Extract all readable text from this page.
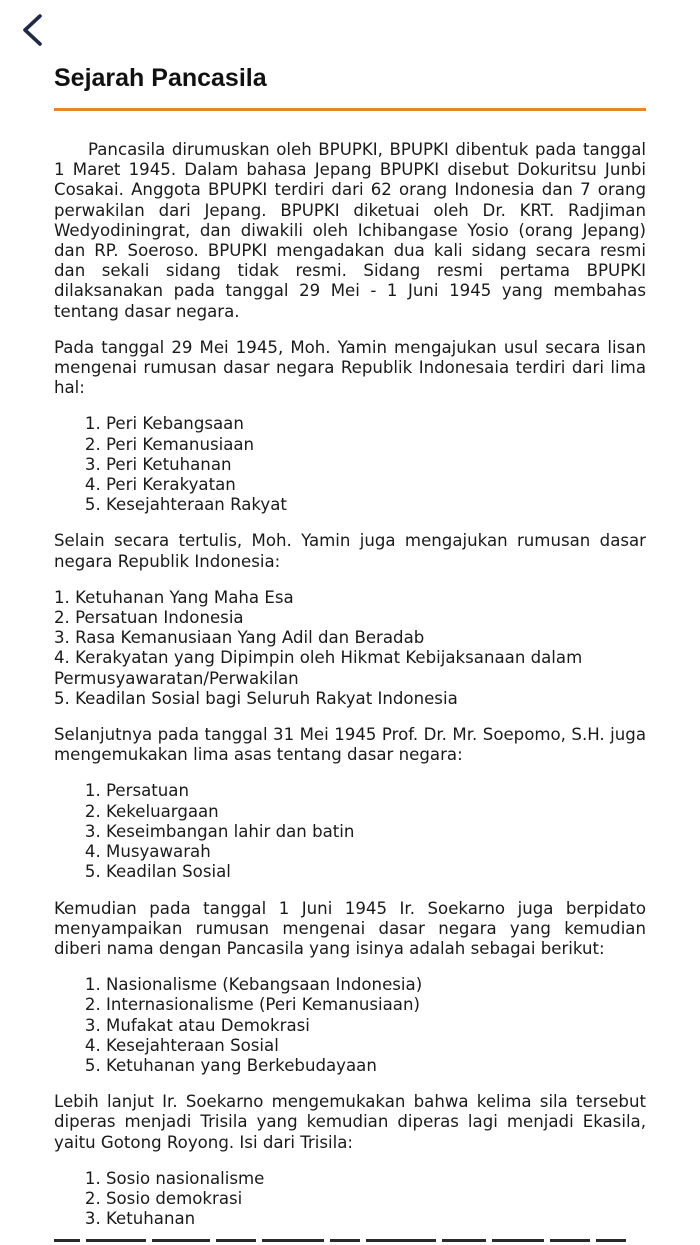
Sejarah Pancasila

Pancasila dirumuskan oleh BPUPKI, BPUPKI dibentuk pada tanggal 1 Maret 1945. Dalam bahasa Jepang BPUPKI disebut Dokuritsu Junbi Cosakai. Anggota BPUPKI terdiri dari 62 orang Indonesia dan 7 orang perwakilan dari Jepang. BPUPKI diketuai oleh Dr. KRT. Radjiman Wedyodiningrat, dan diwakili oleh Ichibangase Yosio (orang Jepang) dan RP. Soeroso. BPUPKI mengadakan dua kali sidang secara resmi dan sekali sidang tidak resmi. Sidang resmi pertama BPUPKI dilaksanakan pada tanggal 29 Mei - 1 Juni 1945 yang membahas tentang dasar negara.

Pada tanggal 29 Mei 1945, Moh. Yamin mengajukan usul secara lisan mengenai rumusan dasar negara Republik Indonesaia terdiri dari lima hal:

1. Peri Kebangsaan
2. Peri Kemanusiaan
3. Peri Ketuhanan
4. Peri Kerakyatan
5. Kesejahteraan Rakyat

Selain secara tertulis, Moh. Yamin juga mengajukan rumusan dasar negara Republik Indonesia:

1. Ketuhanan Yang Maha Esa
2. Persatuan Indonesia
3. Rasa Kemanusiaan Yang Adil dan Beradab
4. Kerakyatan yang Dipimpin oleh Hikmat Kebijaksanaan dalam Permusyawaratan/Perwakilan
5. Keadilan Sosial bagi Seluruh Rakyat Indonesia

Selanjutnya pada tanggal 31 Mei 1945 Prof. Dr. Mr. Soepomo, S.H. juga mengemukakan lima asas tentang dasar negara:

1. Persatuan
2. Kekeluargaan
3. Keseimbangan lahir dan batin
4. Musyawarah
5. Keadilan Sosial

Kemudian pada tanggal 1 Juni 1945 Ir. Soekarno juga berpidato menyampaikan rumusan mengenai dasar negara yang kemudian diberi nama dengan Pancasila yang isinya adalah sebagai berikut:

1. Nasionalisme (Kebangsaan Indonesia)
2. Internasionalisme (Peri Kemanusiaan)
3. Mufakat atau Demokrasi
4. Kesejahteraan Sosial
5. Ketuhanan yang Berkebudayaan

Lebih lanjut Ir. Soekarno mengemukakan bahwa kelima sila tersebut diperas menjadi Trisila yang kemudian diperas lagi menjadi Ekasila, yaitu Gotong Royong. Isi dari Trisila:

1. Sosio nasionalisme
2. Sosio demokrasi
3. Ketuhanan
